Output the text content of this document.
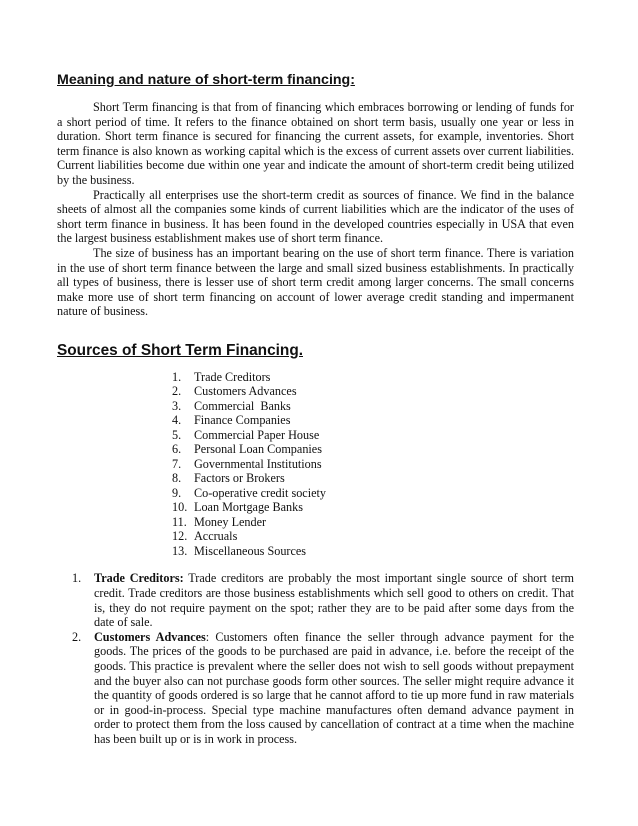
Meaning and nature of short-term financing:

Short Term financing is that from of financing which embraces borrowing or lending of funds for a short period of time. It refers to the finance obtained on short term basis, usually one year or less in duration. Short term finance is secured for financing the current assets, for example, inventories. Short term finance is also known as working capital which is the excess of current assets over current liabilities. Current liabilities become due within one year and indicate the amount of short-term credit being utilized by the business.

Practically all enterprises use the short-term credit as sources of finance. We find in the balance sheets of almost all the companies some kinds of current liabilities which are the indicator of the uses of short term finance in business. It has been found in the developed countries especially in USA that even the largest business establishment makes use of short term finance.

The size of business has an important bearing on the use of short term finance. There is variation in the use of short term finance between the large and small sized business establishments. In practically all types of business, there is lesser use of short term credit among larger concerns. The small concerns make more use of short term financing on account of lower average credit standing and impermanent nature of business.

Sources of Short Term Financing.
1. Trade Creditors
2. Customers Advances
3. Commercial  Banks
4. Finance Companies
5. Commercial Paper House
6. Personal Loan Companies
7. Governmental Institutions
8. Factors or Brokers
9. Co-operative credit society
10. Loan Mortgage Banks
11. Money Lender
12. Accruals
13. Miscellaneous Sources
1. Trade Creditors: Trade creditors are probably the most important single source of short term credit. Trade creditors are those business establishments which sell good to others on credit. That is, they do not require payment on the spot; rather they are to be paid after some days from the date of sale.
2. Customers Advances: Customers often finance the seller through advance payment for the goods. The prices of the goods to be purchased are paid in advance, i.e. before the receipt of the goods. This practice is prevalent where the seller does not wish to sell goods without prepayment and the buyer also can not purchase goods form other sources. The seller might require advance it the quantity of goods ordered is so large that he cannot afford to tie up more fund in raw materials or in good-in-process. Special type machine manufactures often demand advance payment in order to protect them from the loss caused by cancellation of contract at a time when the machine has been built up or is in work in process.
